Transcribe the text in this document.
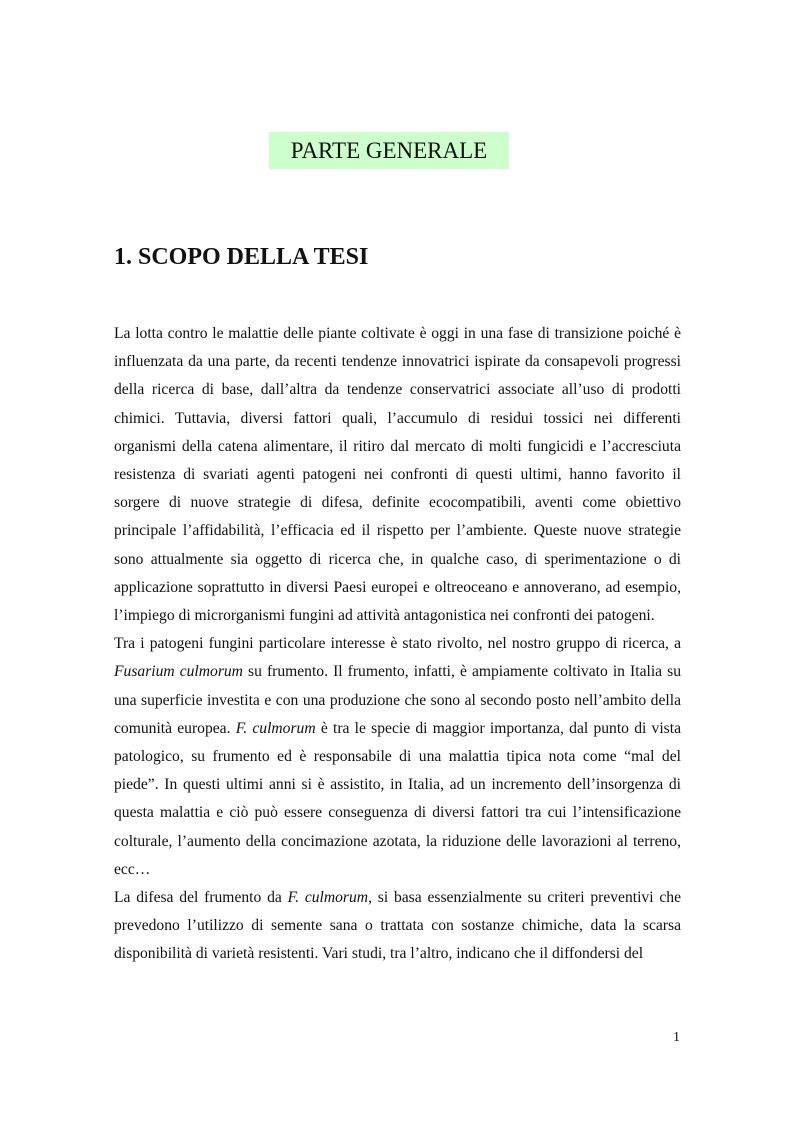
PARTE GENERALE
1. SCOPO DELLA TESI

La lotta contro le malattie delle piante coltivate è oggi in una fase di transizione poiché è influenzata da una parte, da recenti tendenze innovatrici ispirate da consapevoli progressi della ricerca di base, dall’altra da tendenze conservatrici associate all’uso di prodotti chimici. Tuttavia, diversi fattori quali, l’accumulo di residui tossici nei differenti organismi della catena alimentare, il ritiro dal mercato di molti fungicidi e l’accresciuta resistenza di svariati agenti patogeni nei confronti di questi ultimi, hanno favorito il sorgere di nuove strategie di difesa, definite ecocompatibili, aventi come obiettivo principale l’affidabilità, l’efficacia ed il rispetto per l’ambiente. Queste nuove strategie sono attualmente sia oggetto di ricerca che, in qualche caso, di sperimentazione o di applicazione soprattutto in diversi Paesi europei e oltreoceano e annoverano, ad esempio, l’impiego di microrganismi fungini ad attività antagonistica nei confronti dei patogeni.

Tra i patogeni fungini particolare interesse è stato rivolto, nel nostro gruppo di ricerca, a Fusarium culmorum su frumento. Il frumento, infatti, è ampiamente coltivato in Italia su una superficie investita e con una produzione che sono al secondo posto nell’ambito della comunità europea. F. culmorum è tra le specie di maggior importanza, dal punto di vista patologico, su frumento ed è responsabile di una malattia tipica nota come “mal del piede”. In questi ultimi anni si è assistito, in Italia, ad un incremento dell’insorgenza di questa malattia e ciò può essere conseguenza di diversi fattori tra cui l’intensificazione colturale, l’aumento della concimazione azotata, la riduzione delle lavorazioni al terreno, ecc…

La difesa del frumento da F. culmorum, si basa essenzialmente su criteri preventivi che prevedono l’utilizzo di semente sana o trattata con sostanze chimiche, data la scarsa disponibilità di varietà resistenti. Vari studi, tra l’altro, indicano che il diffondersi del

1
